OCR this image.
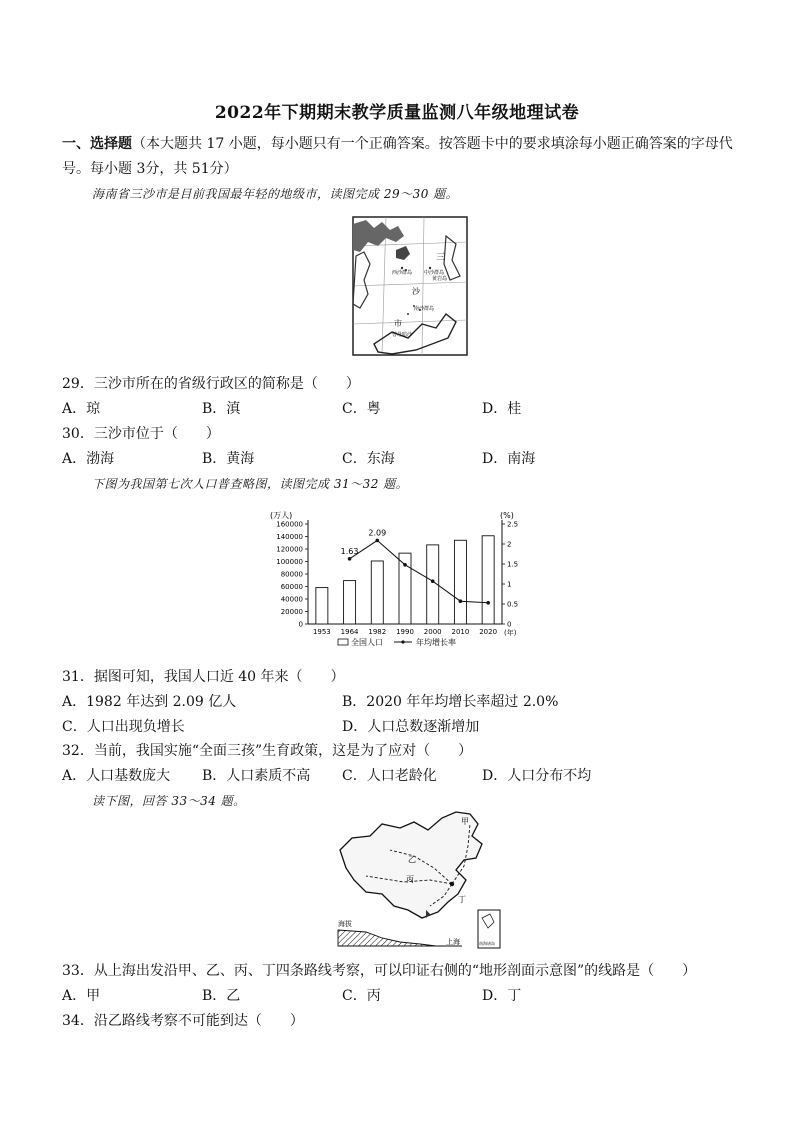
2022年下期期末教学质量监测八年级地理试卷
一、选择题（本大题共 17 小题，每小题只有一个正确答案。按答题卡中的要求填涂每小题正确答案的字母代
号。每小题 3分，共 51分）
海南省三沙市是目前我国最年轻的地级市，读图完成 29～30 题。
三
西沙群岛 中沙群岛
黄岩岛
沙
南沙群岛
市
曾母暗沙
29．三沙市所在的省级行政区的简称是（　　）
A．琼	B．滇	C．粤	D．桂
30．三沙市位于（　　）
A．渤海	B．黄海	C．东海	D．南海
下图为我国第七次人口普查略图，读图完成 31～32 题。
(万人)	(%)
0
20000
40000
60000
80000
100000
120000
140000
160000
0
0.5
1
1.5
2
2.5
1953 1964 1982 1990 2000 2010 2020
1.63
2.09
(年)
全国人口	年均增长率
31．据图可知，我国人口近 40 年来（　　）
A．1982 年达到 2.09 亿人	B．2020 年年均增长率超过 2.0%
C．人口出现负增长	D．人口总数逐渐增加
32．当前，我国实施“全面三孩”生育政策，这是为了应对（　　）
A．人口基数庞大 B．人口素质不高 C．人口老龄化	D．人口分布不均
读下图，回答 33～34 题。
甲
乙
丙
丁
海拔
上海	南海诸岛
33．从上海出发沿甲、乙、丙、丁四条路线考察，可以印证右侧的“地形剖面示意图”的线路是（　　）
A．甲	B．乙	C．丙	D．丁
34．沿乙路线考察不可能到达（　　）
